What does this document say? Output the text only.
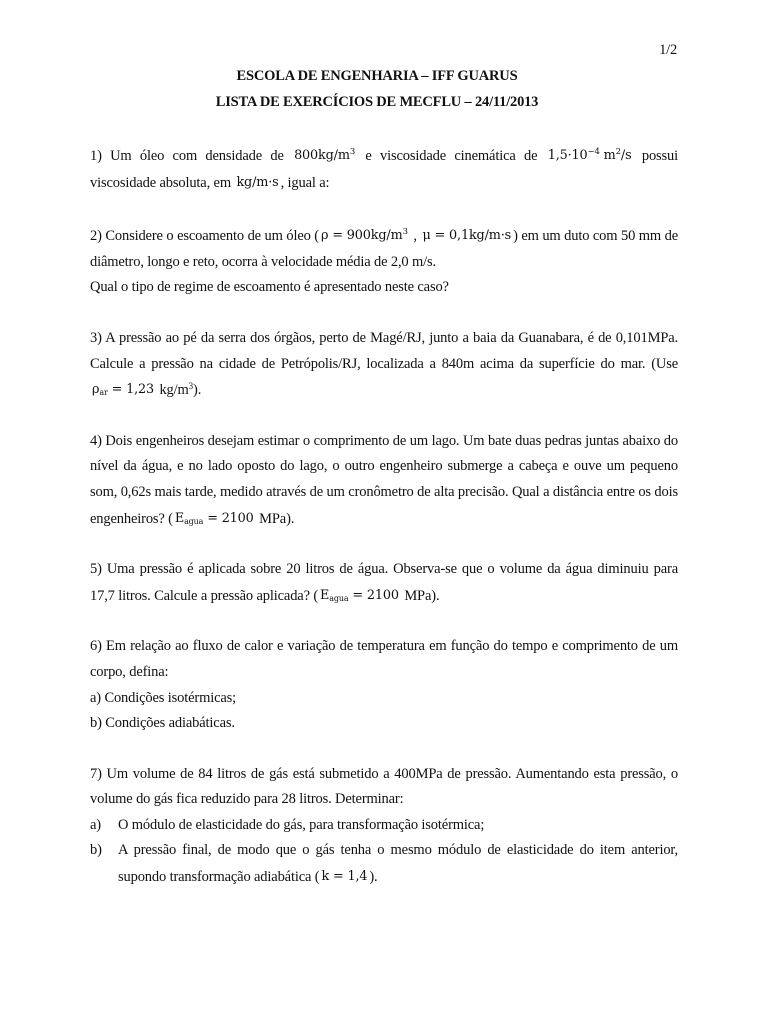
1/2
ESCOLA DE ENGENHARIA – IFF GUARUS
LISTA DE EXERCÍCIOS DE MECFLU – 24/11/2013
1) Um óleo com densidade de $800kg/m^3$ e viscosidade cinemática de $1,5\cdot 10^{-4}$ $m^2/s$ possui viscosidade absoluta, em kg/m·s , igual a:

2) Considere o escoamento de um óleo ( $\rho = 900kg/m^3$ , μ = 0,1kg/m·s ) em um duto com 50 mm de diâmetro, longo e reto, ocorra à velocidade média de 2,0 m/s.

Qual o tipo de regime de escoamento é apresentado neste caso?

3) A pressão ao pé da serra dos órgãos, perto de Magé/RJ, junto a baia da Guanabara, é de 0,101MPa. Calcule a pressão na cidade de Petrópolis/RJ, localizada a 840m acima da superfície do mar. (Use $\rho_{ar} = 1,23$ $kg/m^3$).
4) Dois engenheiros desejam estimar o comprimento de um lago. Um bate duas pedras juntas abaixo do nível da água, e no lado oposto do lago, o outro engenheiro submerge a cabeça e ouve um pequeno som, 0,62s mais tarde, medido através de um cronômetro de alta precisão. Qual a distância entre os dois engenheiros? ( $E_{agua} = 2100$ MPa).
5) Uma pressão é aplicada sobre 20 litros de água. Observa-se que o volume da água diminuiu para 17,7 litros. Calcule a pressão aplicada? ( $E_{agua} = 2100$ MPa).

6) Em relação ao fluxo de calor e variação de temperatura em função do tempo e comprimento de um corpo, defina:

a) Condições isotérmicas;

b) Condições adiabáticas.

7) Um volume de 84 litros de gás está submetido a 400MPa de pressão. Aumentando esta pressão, o volume do gás fica reduzido para 28 litros. Determinar:

a)	O módulo de elasticidade do gás, para transformação isotérmica;
b)	A pressão final, de modo que o gás tenha o mesmo módulo de elasticidade do item anterior, supondo transformação adiabática ( k = 1,4 ).
